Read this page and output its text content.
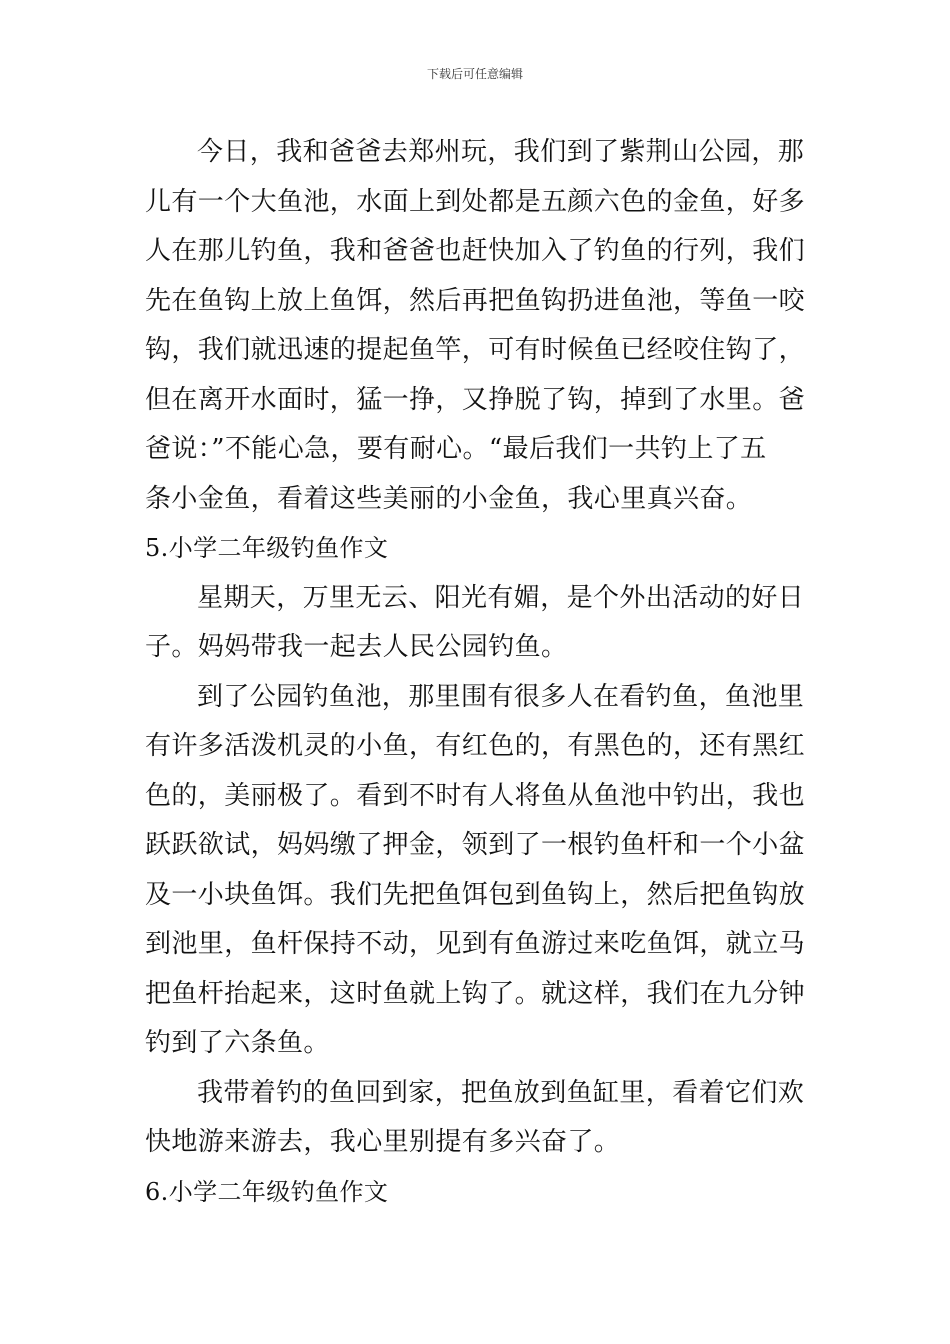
下载后可任意编辑
今日，我和爸爸去郑州玩，我们到了紫荆山公园，那
儿有一个大鱼池，水面上到处都是五颜六色的金鱼，好多
人在那儿钓鱼，我和爸爸也赶快加入了钓鱼的行列，我们
先在鱼钩上放上鱼饵，然后再把鱼钩扔进鱼池，等鱼一咬
钩，我们就迅速的提起鱼竿，可有时候鱼已经咬住钩了，
但在离开水面时，猛一挣，又挣脱了钩，掉到了水里。爸
爸说：”不能心急，要有耐心。“最后我们一共钓上了五
条小金鱼，看着这些美丽的小金鱼，我心里真兴奋。
5.小学二年级钓鱼作文
星期天，万里无云、阳光有媚，是个外出活动的好日
子。妈妈带我一起去人民公园钓鱼。
到了公园钓鱼池，那里围有很多人在看钓鱼，鱼池里
有许多活泼机灵的小鱼，有红色的，有黑色的，还有黑红
色的，美丽极了。看到不时有人将鱼从鱼池中钓出，我也
跃跃欲试，妈妈缴了押金，领到了一根钓鱼杆和一个小盆
及一小块鱼饵。我们先把鱼饵包到鱼钩上，然后把鱼钩放
到池里，鱼杆保持不动，见到有鱼游过来吃鱼饵，就立马
把鱼杆抬起来，这时鱼就上钩了。就这样，我们在九分钟
钓到了六条鱼。
我带着钓的鱼回到家，把鱼放到鱼缸里，看着它们欢
快地游来游去，我心里别提有多兴奋了。
6.小学二年级钓鱼作文
